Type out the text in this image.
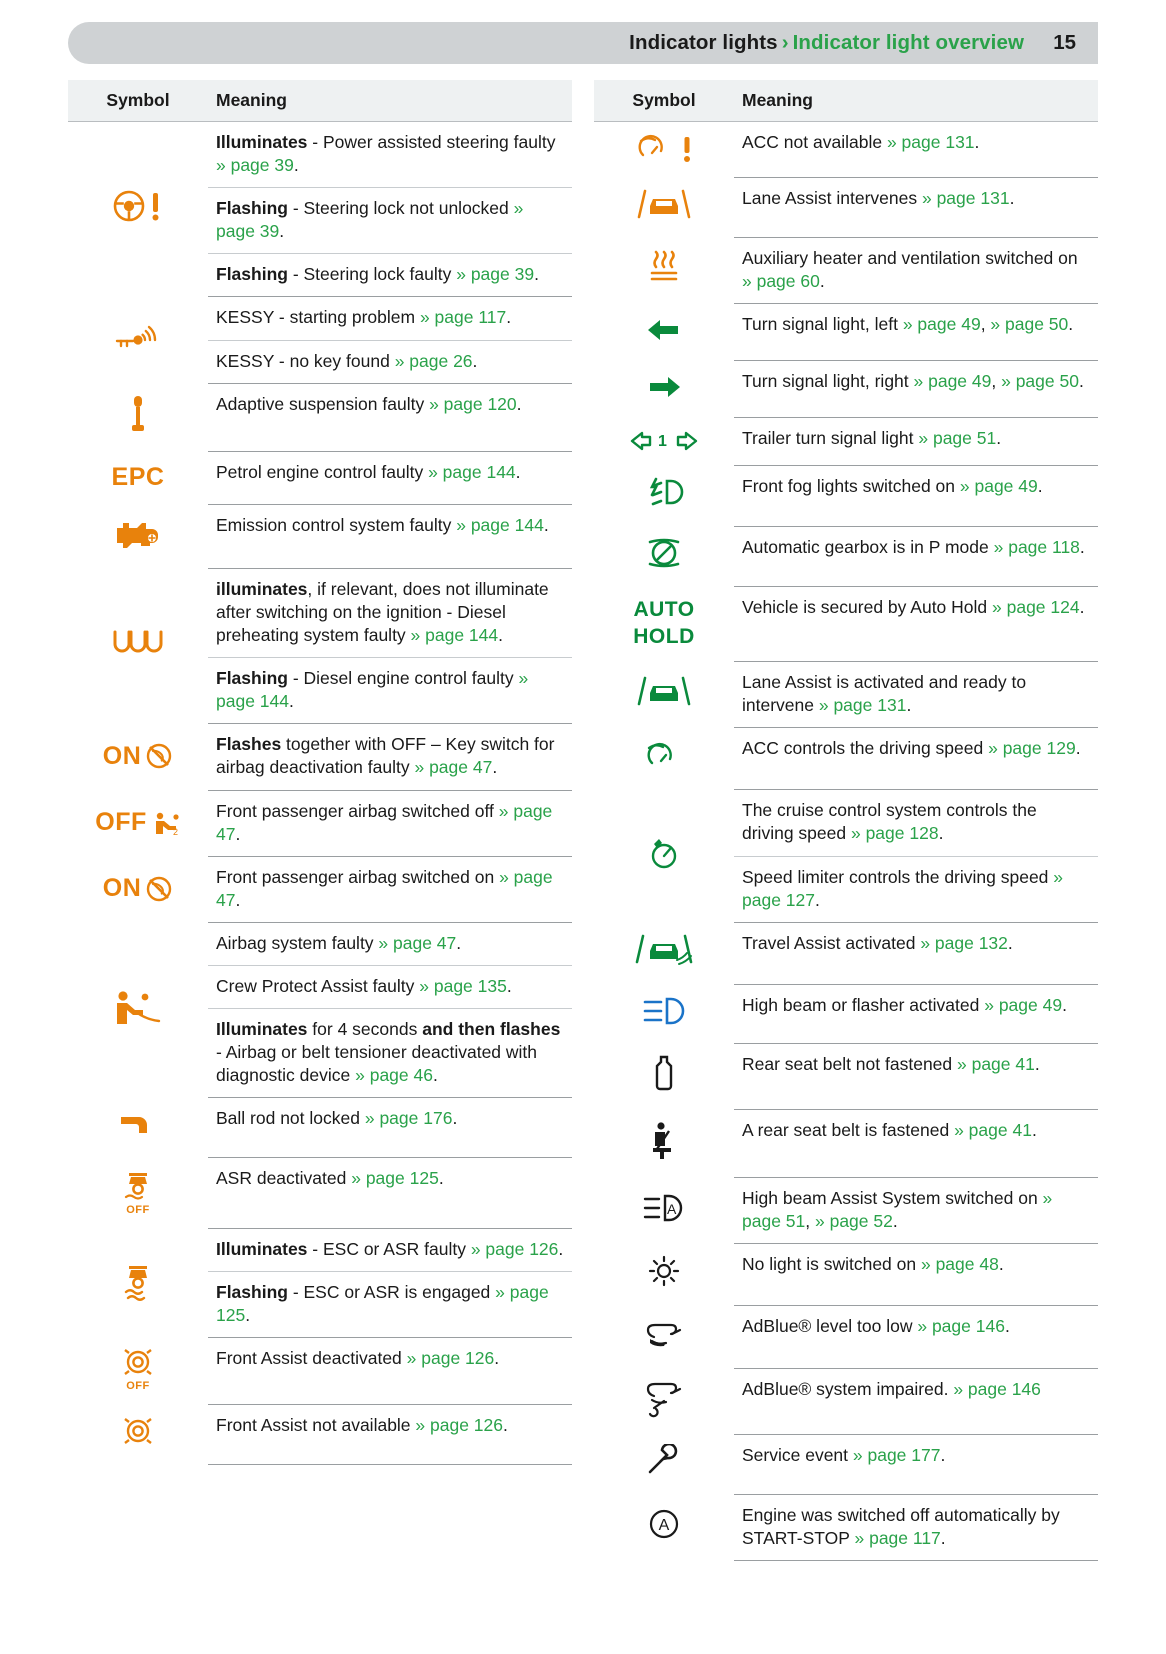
Indicator lights › Indicator light overview 15
Symbol	Meaning

	Illuminates - Power assisted steering faulty » page 39.
	Flashing - Steering lock not unlocked » page 39.
	Flashing - Steering lock faulty » page 39.

	KESSY - starting problem » page 117.
	KESSY - no key found » page 26.

	Adaptive suspension faulty » page 120.
EPC	Petrol engine control faulty » page 144.

	Emission control system faulty » page 144.

	illuminates, if relevant, does not illuminate after switching on the ignition - Diesel preheating system faulty » page 144.
	Flashing - Diesel engine control faulty » page 144.

ON	Flashes together with OFF – Key switch for airbag deactivation faulty » page 47.

OFF 2	Front passenger airbag switched off » page 47.

ON	Front passenger airbag switched on » page 47.

	Airbag system faulty » page 47.
	Crew Protect Assist faulty » page 135.
	Illuminates for 4 seconds and then flashes - Airbag or belt tensioner deactivated with diagnostic device » page 46.

	Ball rod not locked » page 176.

OFF	ASR deactivated » page 125.

	Illuminates - ESC or ASR faulty » page 126.
	Flashing - ESC or ASR is engaged » page 125.

OFF	Front Assist deactivated » page 126.

	Front Assist not available » page 126.
Symbol	Meaning

	ACC not available » page 131.

	Lane Assist intervenes » page 131.

	Auxiliary heater and ventilation switched on » page 60.

	Turn signal light, left » page 49, » page 50.

	Turn signal light, right » page 49, » page 50.

1	Trailer turn signal light » page 51.

	Front fog lights switched on » page 49.

	Automatic gearbox is in P mode » page 118.
AUTO HOLD	Vehicle is secured by Auto Hold » page 124.

	Lane Assist is activated and ready to intervene » page 131.

	ACC controls the driving speed » page 129.

	The cruise control system controls the driving speed » page 128.
	Speed limiter controls the driving speed » page 127.

	Travel Assist activated » page 132.

	High beam or flasher activated » page 49.

	Rear seat belt not fastened » page 41.

	A rear seat belt is fastened » page 41.

A	High beam Assist System switched on » page 51, » page 52.

	No light is switched on » page 48.

	AdBlue® level too low » page 146.

	AdBlue® system impaired. » page 146

	Service event » page 177.

A	Engine was switched off automatically by START-STOP » page 117.
